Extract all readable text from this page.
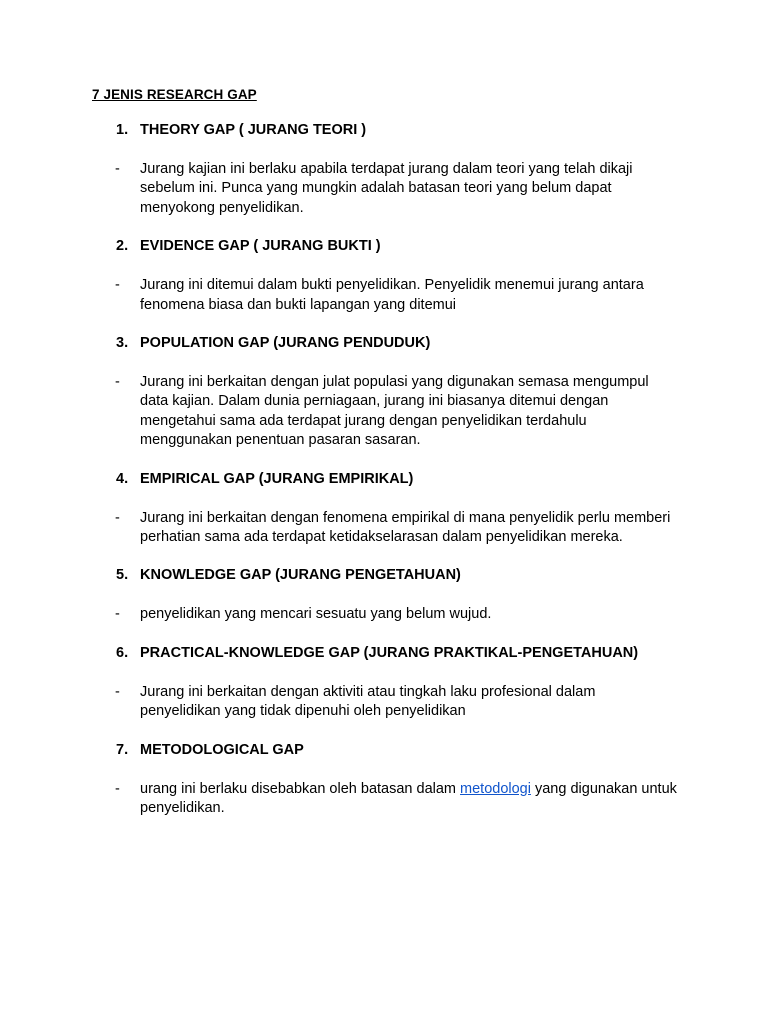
7 JENIS RESEARCH GAP
1. THEORY GAP ( JURANG TEORI )
- Jurang kajian ini berlaku apabila terdapat jurang dalam teori yang telah dikaji sebelum ini. Punca yang mungkin adalah batasan teori yang belum dapat menyokong penyelidikan.
2. EVIDENCE GAP ( JURANG BUKTI )
- Jurang ini ditemui dalam bukti penyelidikan. Penyelidik menemui jurang antara fenomena biasa dan bukti lapangan yang ditemui
3. POPULATION GAP (JURANG PENDUDUK)
- Jurang ini berkaitan dengan julat populasi yang digunakan semasa mengumpul data kajian. Dalam dunia perniagaan, jurang ini biasanya ditemui dengan mengetahui sama ada terdapat jurang dengan penyelidikan terdahulu menggunakan penentuan pasaran sasaran.
4. EMPIRICAL GAP (JURANG EMPIRIKAL)
- Jurang ini berkaitan dengan fenomena empirikal di mana penyelidik perlu memberi perhatian sama ada terdapat ketidakselarasan dalam penyelidikan mereka.
5. KNOWLEDGE GAP (JURANG PENGETAHUAN)
- penyelidikan yang mencari sesuatu yang belum wujud.
6. PRACTICAL-KNOWLEDGE GAP (JURANG PRAKTIKAL-PENGETAHUAN)
- Jurang ini berkaitan dengan aktiviti atau tingkah laku profesional dalam penyelidikan yang tidak dipenuhi oleh penyelidikan
7. METODOLOGICAL GAP
- urang ini berlaku disebabkan oleh batasan dalam metodologi yang digunakan untuk penyelidikan.
